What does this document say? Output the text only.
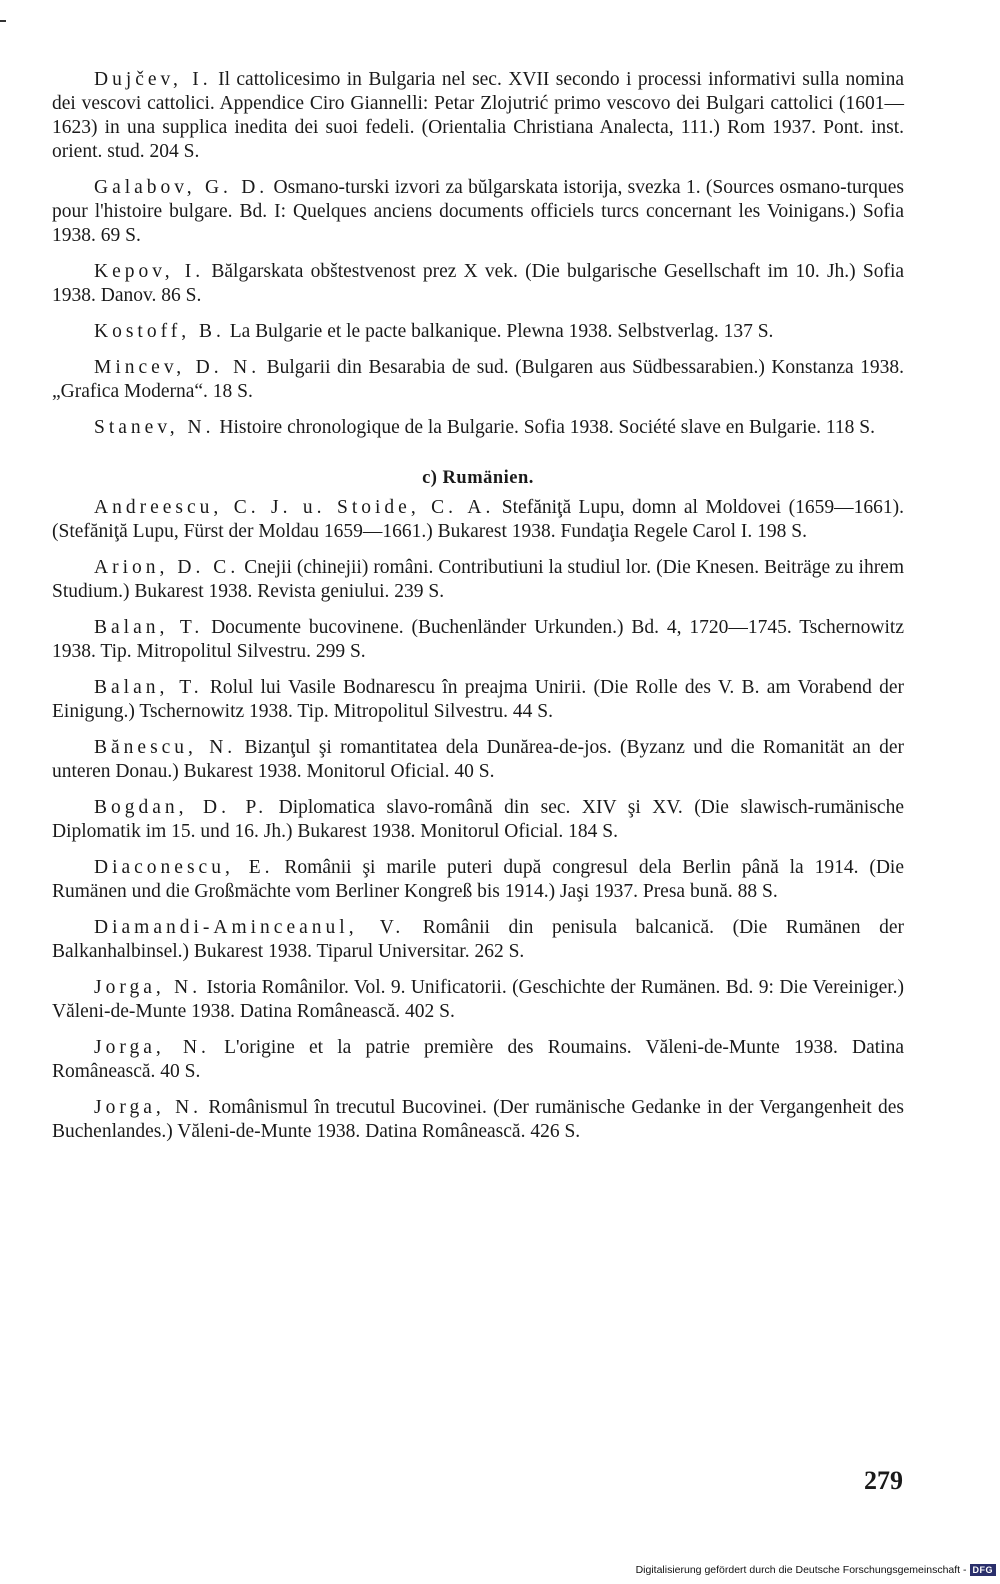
Dujčev, I. Il cattolicesimo in Bulgaria nel sec. XVII secondo i processi informativi sulla nomina dei vescovi cattolici. Appendice Ciro Giannelli: Petar Zlojutrić primo vescovo dei Bulgari cattolici (1601—1623) in una supplica inedita dei suoi fedeli. (Orientalia Christiana Analecta, 111.) Rom 1937. Pont. inst. orient. stud. 204 S.

Galabov, G. D. Osmano-turski izvori za bŭlgarskata istorija, svezka 1. (Sources osmano-turques pour l'histoire bulgare. Bd. I: Quelques anciens documents officiels turcs concernant les Voinigans.) Sofia 1938. 69 S.

Kepov, I. Bălgarskata obštestvenost prez X vek. (Die bulgarische Gesellschaft im 10. Jh.) Sofia 1938. Danov. 86 S.

Kostoff, B. La Bulgarie et le pacte balkanique. Plewna 1938. Selbstverlag. 137 S.

Mincev, D. N. Bulgarii din Besarabia de sud. (Bulgaren aus Südbessarabien.) Konstanza 1938. „Grafica Moderna“. 18 S.

Stanev, N. Histoire chronologique de la Bulgarie. Sofia 1938. Société slave en Bulgarie. 118 S.

c) Rumänien.

Andreescu, C. J. u. Stoide, C. A. Stefăniţă Lupu, domn al Moldovei (1659—1661). (Stefăniţă Lupu, Fürst der Moldau 1659—1661.) Bukarest 1938. Fundaţia Regele Carol I. 198 S.

Arion, D. C. Cnejii (chinejii) români. Contributiuni la studiul lor. (Die Knesen. Beiträge zu ihrem Studium.) Bukarest 1938. Revista geniului. 239 S.

Balan, T. Documente bucovinene. (Buchenländer Urkunden.) Bd. 4, 1720—1745. Tschernowitz 1938. Tip. Mitropolitul Silvestru. 299 S.

Balan, T. Rolul lui Vasile Bodnarescu în preajma Unirii. (Die Rolle des V. B. am Vorabend der Einigung.) Tschernowitz 1938. Tip. Mitropolitul Silvestru. 44 S.

Bănescu, N. Bizanţul şi romantitatea dela Dunărea-de-jos. (Byzanz und die Romanität an der unteren Donau.) Bukarest 1938. Monitorul Oficial. 40 S.

Bogdan, D. P. Diplomatica slavo-română din sec. XIV şi XV. (Die slawisch-rumänische Diplomatik im 15. und 16. Jh.) Bukarest 1938. Monitorul Oficial. 184 S.

Diaconescu, E. Românii şi marile puteri după congresul dela Berlin până la 1914. (Die Rumänen und die Großmächte vom Berliner Kongreß bis 1914.) Jaşi 1937. Presa bună. 88 S.

Diamandi-Aminceanul, V. Românii din penisula balcanică. (Die Rumänen der Balkanhalbinsel.) Bukarest 1938. Tiparul Universitar. 262 S.

Jorga, N. Istoria Românilor. Vol. 9. Unificatorii. (Geschichte der Rumänen. Bd. 9: Die Vereiniger.) Văleni-de-Munte 1938. Datina Românească. 402 S.

Jorga, N. L'origine et la patrie première des Roumains. Văleni-de-Munte 1938. Datina Românească. 40 S.

Jorga, N. Românismul în trecutul Bucovinei. (Der rumänische Gedanke in der Vergangenheit des Buchenlandes.) Văleni-de-Munte 1938. Datina Românească. 426 S.

279
Digitalisierung gefördert durch die Deutsche Forschungsgemeinschaft - DFG
